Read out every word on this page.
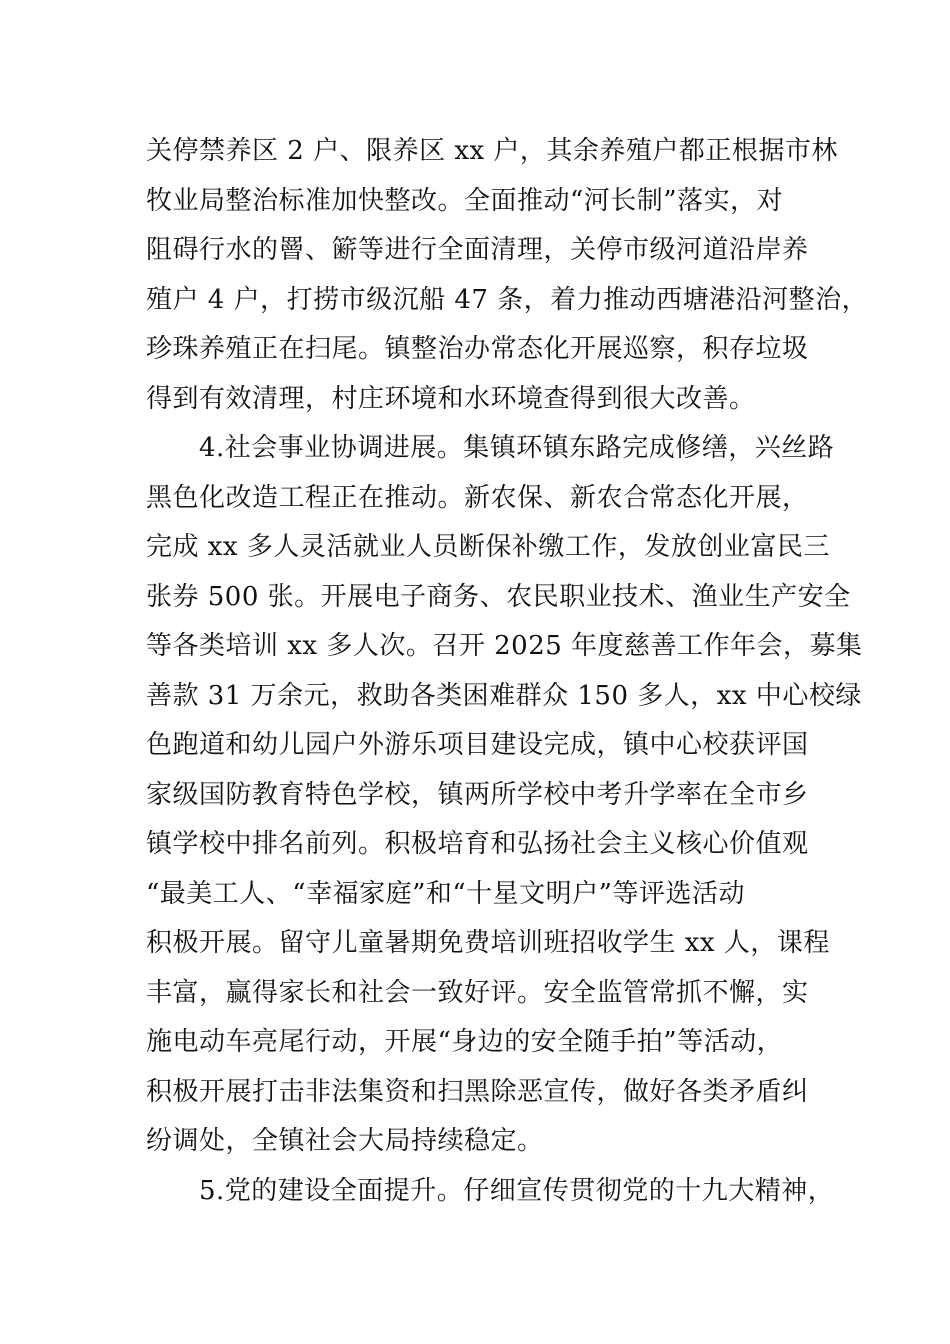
关停禁养区 2 户、限养区 xx 户，其余养殖户都正根据市林
牧业局整治标准加快整改。全面推动“河长制”落实，对
阻碍行水的罾、簖等进行全面清理，关停市级河道沿岸养
殖户 4 户，打捞市级沉船 47 条，着力推动西塘港沿河整治，
珍珠养殖正在扫尾。镇整治办常态化开展巡察，积存垃圾
得到有效清理，村庄环境和水环境查得到很大改善。
　　4.社会事业协调进展。集镇环镇东路完成修缮，兴丝路
黑色化改造工程正在推动。新农保、新农合常态化开展，
完成 xx 多人灵活就业人员断保补缴工作，发放创业富民三
张券 500 张。开展电子商务、农民职业技术、渔业生产安全
等各类培训 xx 多人次。召开 2025 年度慈善工作年会，募集
善款 31 万余元，救助各类困难群众 150 多人，xx 中心校绿
色跑道和幼儿园户外游乐项目建设完成，镇中心校获评国
家级国防教育特色学校，镇两所学校中考升学率在全市乡
镇学校中排名前列。积极培育和弘扬社会主义核心价值观
“最美工人、“幸福家庭”和“十星文明户”等评选活动
积极开展。留守儿童暑期免费培训班招收学生 xx 人，课程
丰富，赢得家长和社会一致好评。安全监管常抓不懈，实
施电动车亮尾行动，开展“身边的安全随手拍”等活动，
积极开展打击非法集资和扫黑除恶宣传，做好各类矛盾纠
纷调处，全镇社会大局持续稳定。
　　5.党的建设全面提升。仔细宣传贯彻党的十九大精神，
